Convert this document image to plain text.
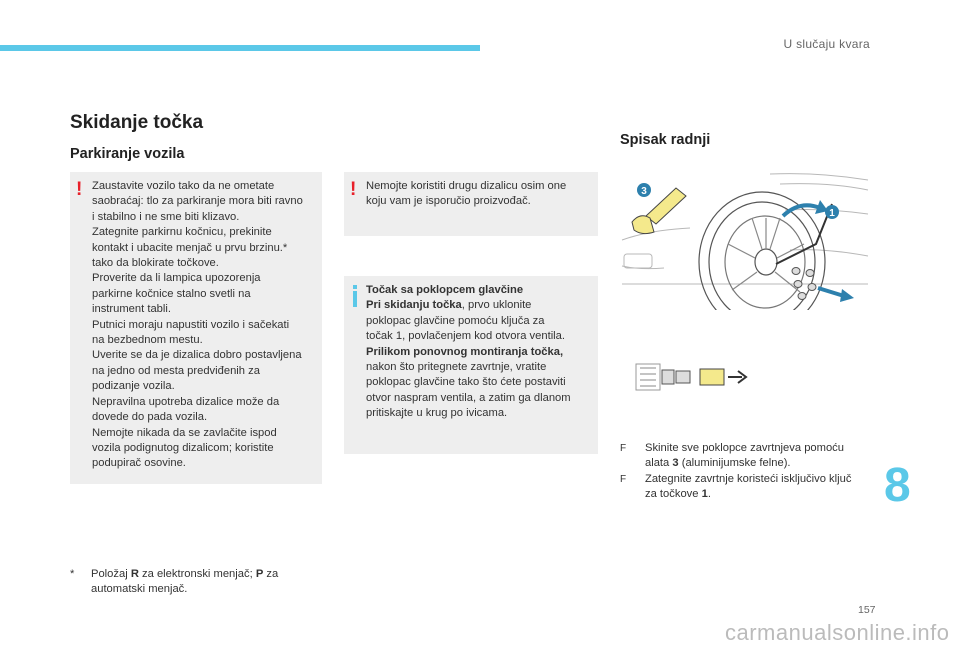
U slučaju kvara
Skidanje točka
Parkiranje vozila
Spisak radnji
! Zaustavite vozilo tako da ne ometate

saobraćaj: tlo za parkiranje mora biti ravno

i stabilno i ne sme biti klizavo.

Zategnite parkirnu kočnicu, prekinite

kontakt i ubacite menjač u prvu brzinu.*

tako da blokirate točkove.

Proverite da li lampica upozorenja

parkirne kočnice stalno svetli na

instrument tabli.

Putnici moraju napustiti vozilo i sačekati

na bezbednom mestu.

Uverite se da je dizalica dobro postavljena

na jedno od mesta predviđenih za

podizanje vozila.

Nepravilna upotreba dizalice može da

dovede do pada vozila.

Nemojte nikada da se zavlačite ispod

vozila podignutog dizalicom; koristite

podupirač osovine.

! Nemojte koristiti drugu dizalicu osim one

koju vam je isporučio proizvođač.

Točak sa poklopcem glavčine

Pri skidanju točka, prvo uklonite

poklopac glavčine pomoću ključa za

točak 1, povlačenjem kod otvora ventila.

Prilikom ponovnog montiranja točka,

nakon što pritegnete zavrtnje, vratite

poklopac glavčine tako što ćete postaviti

otvor naspram ventila, a zatim ga dlanom

pritiskajte u krug po ivicama.

*	Položaj R za elektronski menjač; P za
automatski menjač.
1
3
F Skinite sve poklopce zavrtnjeva pomoću
alata 3 (aluminijumske felne).
F Zategnite zavrtnje koristeći isključivo ključ
za točkove 1.	8
157
carmanualsonline.info
